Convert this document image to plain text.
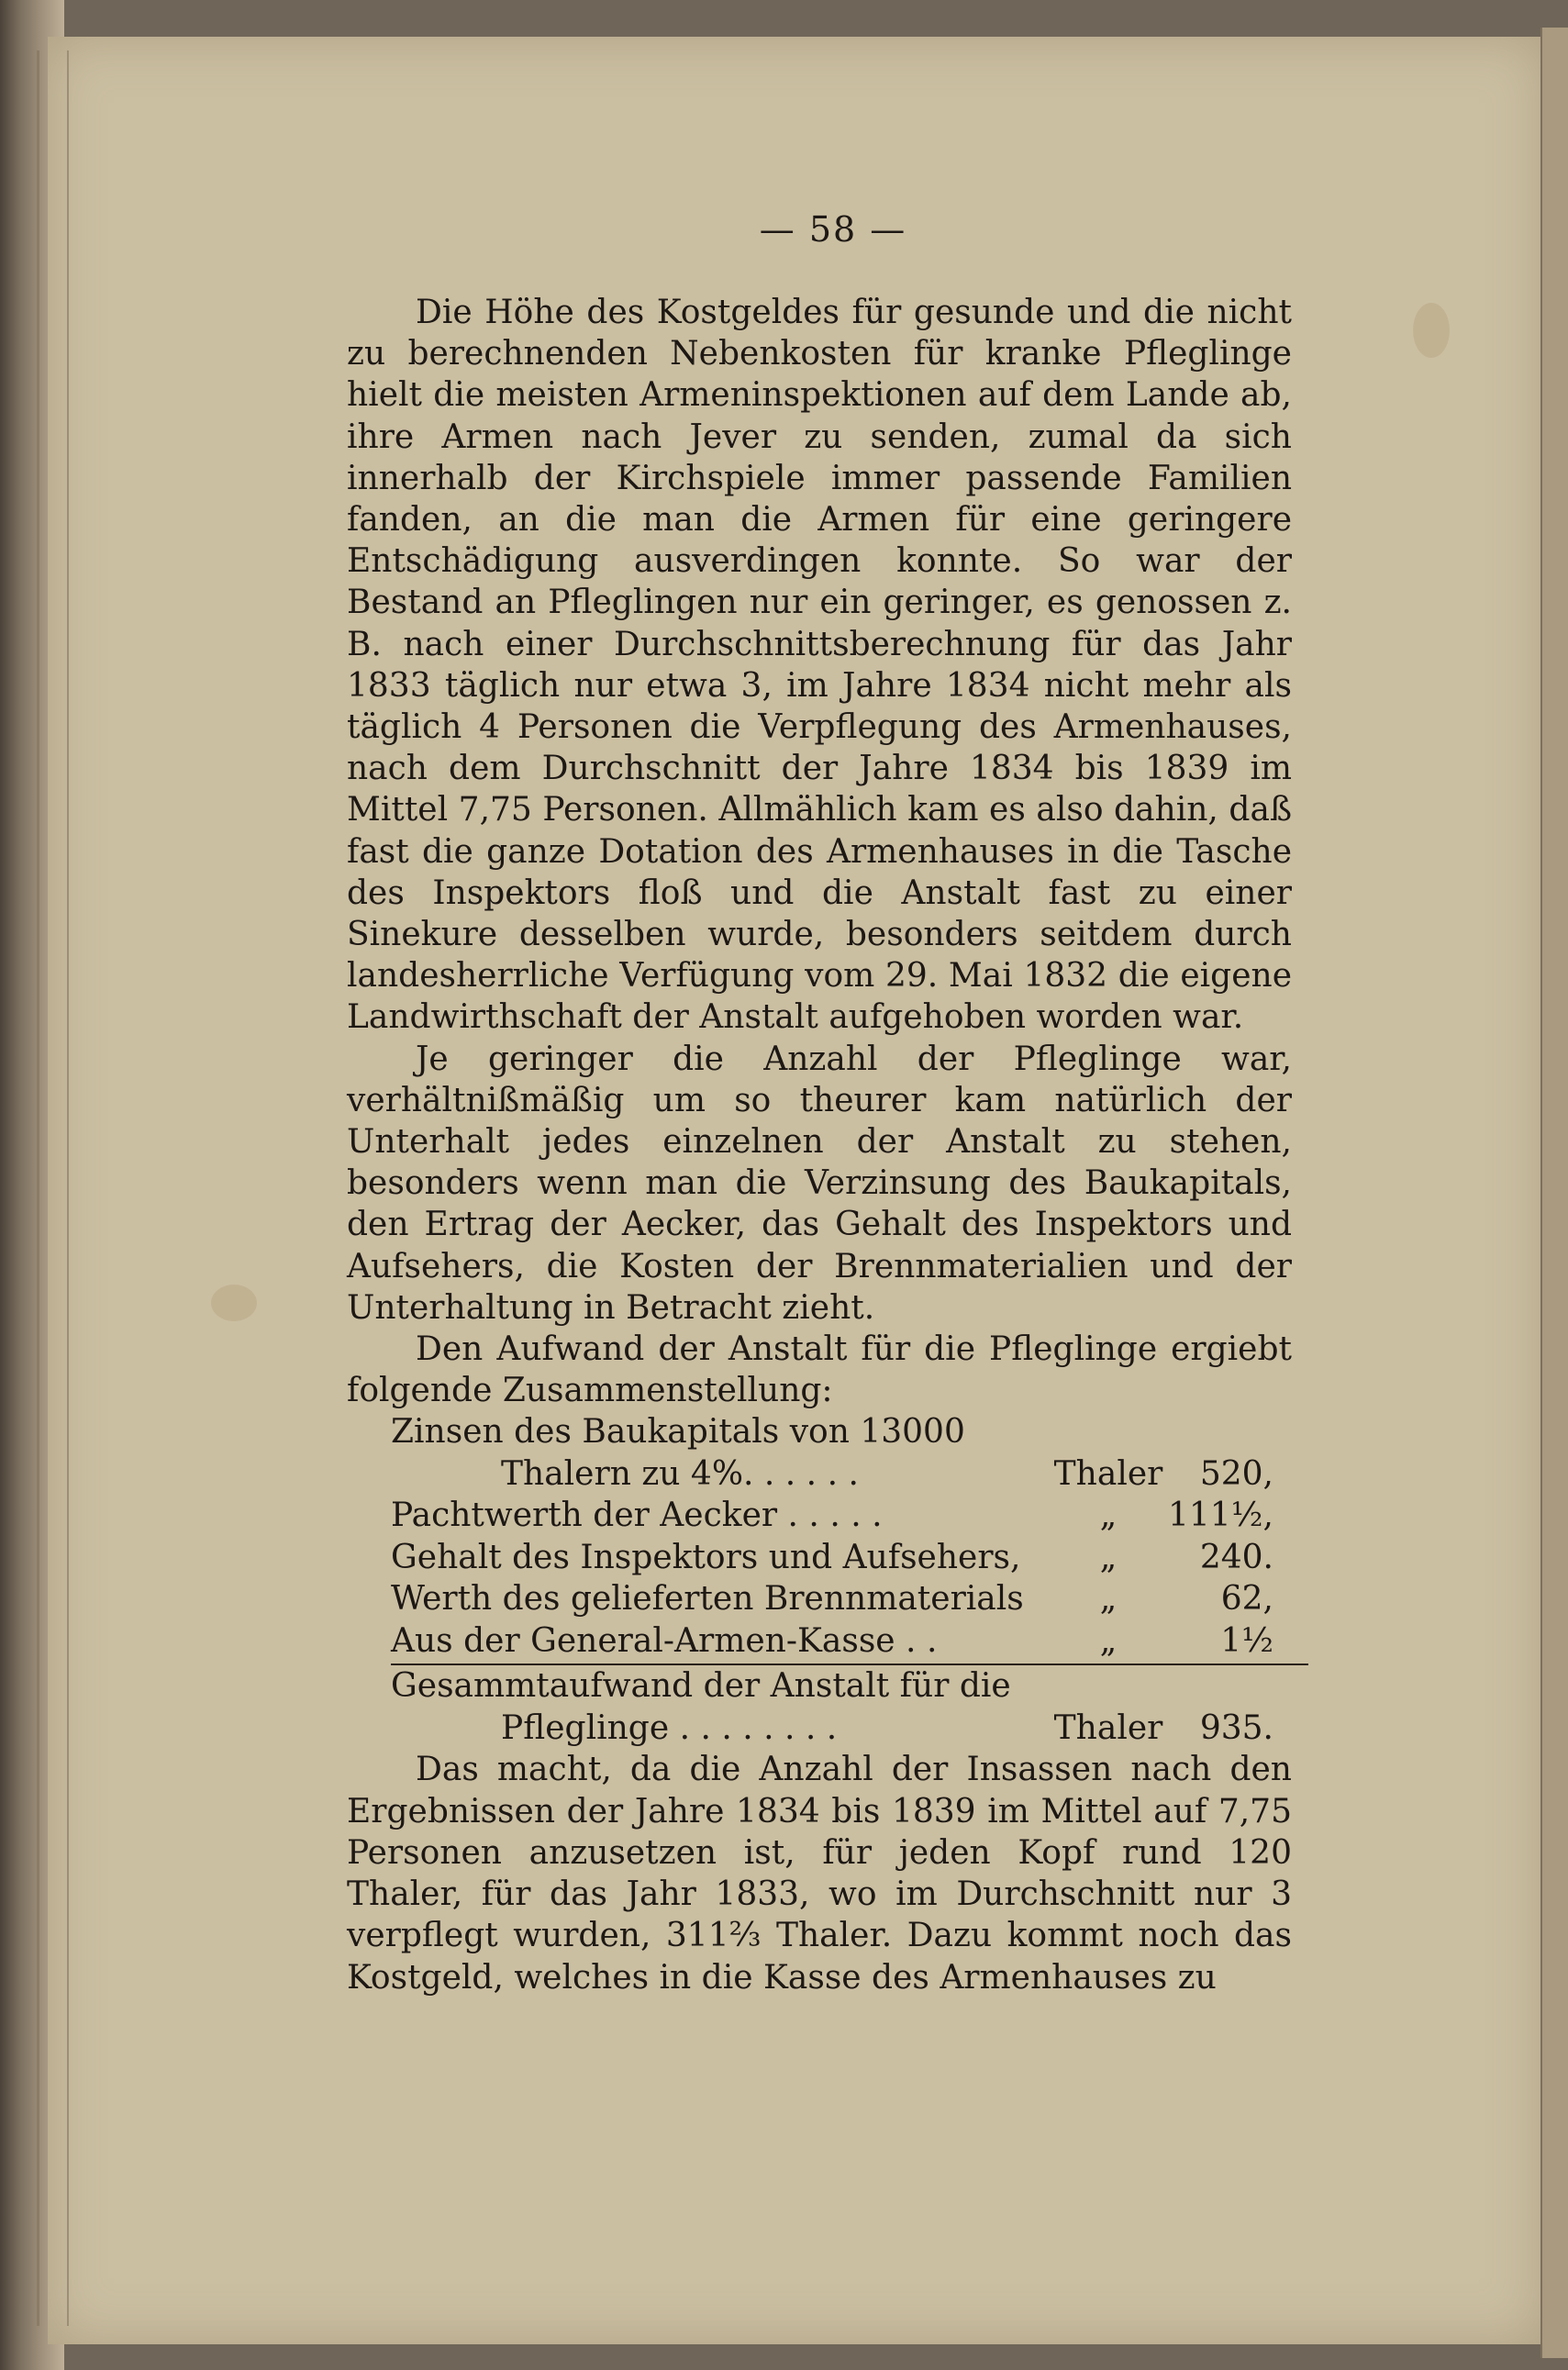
— 58 —

Die Höhe des Kostgeldes für gesunde und die nicht zu berechnenden Nebenkosten für kranke Pfleglinge hielt die meisten Armeninspektionen auf dem Lande ab, ihre Armen nach Jever zu senden, zumal da sich innerhalb der Kirchspiele immer passende Familien fanden, an die man die Armen für eine geringere Entschädigung ausverdingen konnte. So war der Bestand an Pfleglingen nur ein geringer, es genossen z. B. nach einer Durchschnittsberechnung für das Jahr 1833 täglich nur etwa 3, im Jahre 1834 nicht mehr als täglich 4 Personen die Verpflegung des Armenhauses, nach dem Durchschnitt der Jahre 1834 bis 1839 im Mittel 7,75 Personen. Allmählich kam es also dahin, daß fast die ganze Dotation des Armenhauses in die Tasche des Inspektors floß und die Anstalt fast zu einer Sinekure desselben wurde, besonders seitdem durch landesherrliche Verfügung vom 29. Mai 1832 die eigene Landwirthschaft der Anstalt aufgehoben worden war.

Je geringer die Anzahl der Pfleglinge war, verhältnißmäßig um so theurer kam natürlich der Unterhalt jedes einzelnen der Anstalt zu stehen, besonders wenn man die Verzinsung des Baukapitals, den Ertrag der Aecker, das Gehalt des Inspektors und Aufsehers, die Kosten der Brennmaterialien und der Unterhaltung in Betracht zieht.

Den Aufwand der Anstalt für die Pfleglinge ergiebt folgende Zusammenstellung:

Zinsen des Baukapitals von 13000
Thalern zu 4%. . . . . .	Thaler	520,
Pachtwerth der Aecker . . . . .	„	111½,
Gehalt des Inspektors und Aufsehers,	„	240.
Werth des gelieferten Brennmaterials	„	62,
Aus der General-Armen-Kasse . .	„	1½
Gesammtaufwand der Anstalt für die
Pfleglinge . . . . . . . .	Thaler	935.

Das macht, da die Anzahl der Insassen nach den Ergebnissen der Jahre 1834 bis 1839 im Mittel auf 7,75 Personen anzusetzen ist, für jeden Kopf rund 120 Thaler, für das Jahr 1833, wo im Durchschnitt nur 3 verpflegt wurden, 311⅔ Thaler. Dazu kommt noch das Kostgeld, welches in die Kasse des Armenhauses zu
